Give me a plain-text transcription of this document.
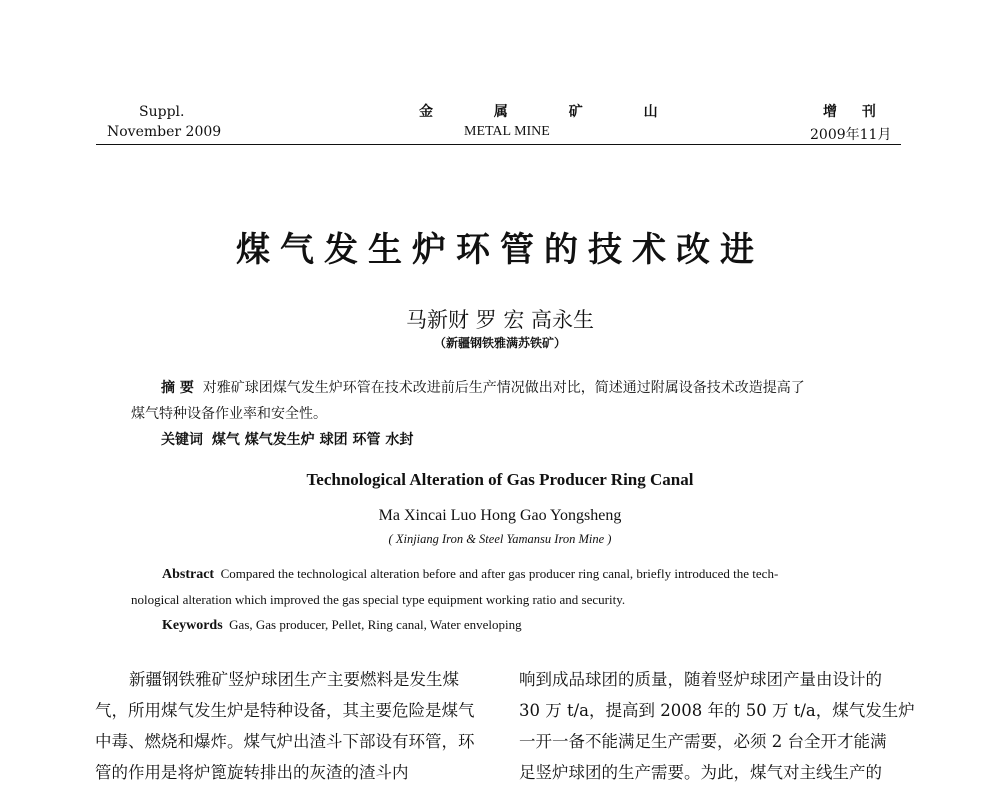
Suppl.
November 2009
金 属 矿 山
METAL MINE
增 刊
2009年11月
煤气发生炉环管的技术改进
马新财 罗 宏 高永生
（新疆钢铁雅满苏铁矿）
摘 要 对雅矿球团煤气发生炉环管在技术改进前后生产情况做出对比，简述通过附属设备技术改造提高了
煤气特种设备作业率和安全性。
关键词 煤气 煤气发生炉 球团 环管 水封
Technological Alteration of Gas Producer Ring Canal
Ma Xincai Luo Hong Gao Yongsheng
( Xinjiang Iron & Steel Yamansu Iron Mine )
Abstract Compared the technological alteration before and after gas producer ring canal, briefly introduced the tech-
nological alteration which improved the gas special type equipment working ratio and security.
Keywords Gas, Gas producer, Pellet, Ring canal, Water enveloping
新疆钢铁雅矿竖炉球团生产主要燃料是发生煤
气，所用煤气发生炉是特种设备，其主要危险是煤气
中毒、燃烧和爆炸。煤气炉出渣斗下部设有环管，环
管的作用是将炉篦旋转排出的灰渣的渣斗内
响到成品球团的质量，随着竖炉球团产量由设计的
30 万 t/a，提高到 2008 年的 50 万 t/a，煤气发生炉
一开一备不能满足生产需要，必须 2 台全开才能满
足竖炉球团的生产需要。为此，煤气对主线生产的
